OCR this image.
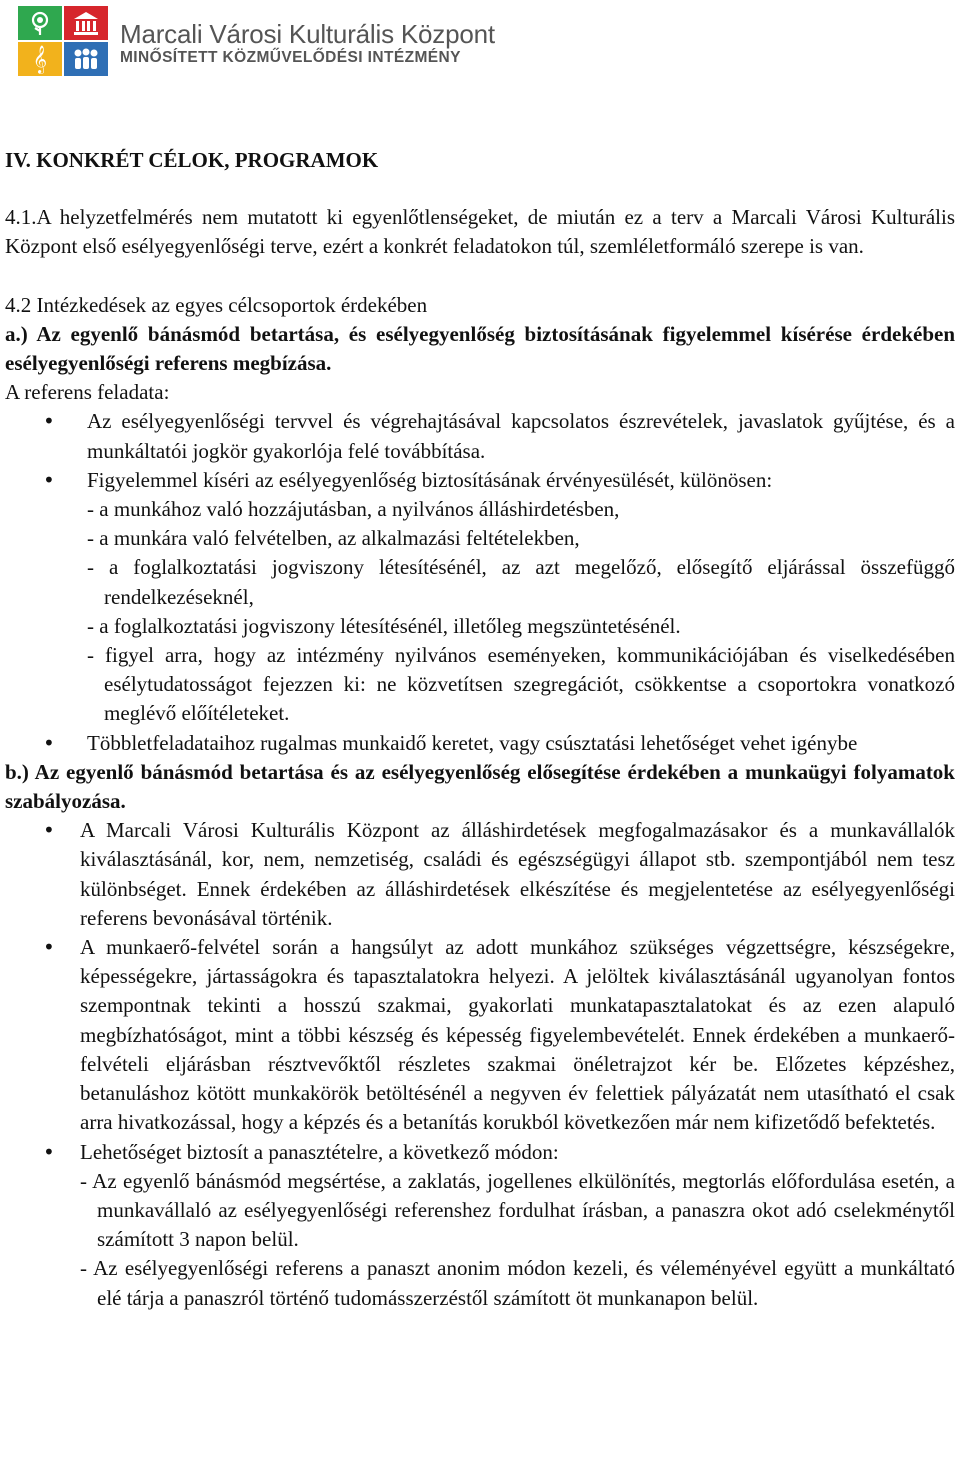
𝄞
Marcali Városi Kulturális Központ
MINŐSÍTETT KÖZMŰVELŐDÉSI INTÉZMÉNY

IV. KONKRÉT CÉLOK, PROGRAMOK

4.1.A helyzetfelmérés nem mutatott ki egyenlőtlenségeket, de miután ez a terv a Marcali Városi Kulturális Központ első esélyegyenlőségi terve, ezért a konkrét feladatokon túl, szemléletformáló szerepe is van.

4.2 Intézkedések az egyes célcsoportok érdekében

a.) Az egyenlő bánásmód betartása, és esélyegyenlőség biztosításának figyelemmel kísérése érdekében esélyegyenlőségi referens megbízása.

A referens feladata:

• Az esélyegyenlőségi tervvel és végrehajtásával kapcsolatos észrevételek, javaslatok gyűjtése, és a munkáltatói jogkör gyakorlója felé továbbítása.
• Figyelemmel kíséri az esélyegyenlőség biztosításának érvényesülését, különösen:
- a munkához való hozzájutásban, a nyilvános álláshirdetésben,
- a munkára való felvételben, az alkalmazási feltételekben,
- a foglalkoztatási jogviszony létesítésénél, az azt megelőző, elősegítő eljárással összefüggő rendelkezéseknél,
- a foglalkoztatási jogviszony létesítésénél, illetőleg megszüntetésénél.
- figyel arra, hogy az intézmény nyilvános eseményeken, kommunikációjában és viselkedésében esélytudatosságot fejezzen ki: ne közvetítsen szegregációt, csökkentse a csoportokra vonatkozó meglévő előítéleteket.
• Többletfeladataihoz rugalmas munkaidő keretet, vagy csúsztatási lehetőséget vehet igénybe

b.) Az egyenlő bánásmód betartása és az esélyegyenlőség elősegítése érdekében a munkaügyi folyamatok szabályozása.

• A Marcali Városi Kulturális Központ az álláshirdetések megfogalmazásakor és a munkavállalók kiválasztásánál, kor, nem, nemzetiség, családi és egészségügyi állapot stb. szempontjából nem tesz különbséget. Ennek érdekében az álláshirdetések elkészítése és megjelentetése az esélyegyenlőségi referens bevonásával történik.
• A munkaerő-felvétel során a hangsúlyt az adott munkához szükséges végzettségre, készségekre, képességekre, jártasságokra és tapasztalatokra helyezi. A jelöltek kiválasztásánál ugyanolyan fontos szempontnak tekinti a hosszú szakmai, gyakorlati munkatapasztalatokat és az ezen alapuló megbízhatóságot, mint a többi készség és képesség figyelembevételét. Ennek érdekében a munkaerő-felvételi eljárásban résztvevőktől részletes szakmai önéletrajzot kér be. Előzetes képzéshez, betanuláshoz kötött munkakörök betöltésénél a negyven év felettiek pályázatát nem utasítható el csak arra hivatkozással, hogy a képzés és a betanítás korukból következően már nem kifizetődő befektetés.
• Lehetőséget biztosít a panasztételre, a következő módon:
- Az egyenlő bánásmód megsértése, a zaklatás, jogellenes elkülönítés, megtorlás előfordulása esetén, a munkavállaló az esélyegyenlőségi referenshez fordulhat írásban, a panaszra okot adó cselekménytől számított 3 napon belül.
- Az esélyegyenlőségi referens a panaszt anonim módon kezeli, és véleményével együtt a munkáltató elé tárja a panaszról történő tudomásszerzéstől számított öt munkanapon belül.
